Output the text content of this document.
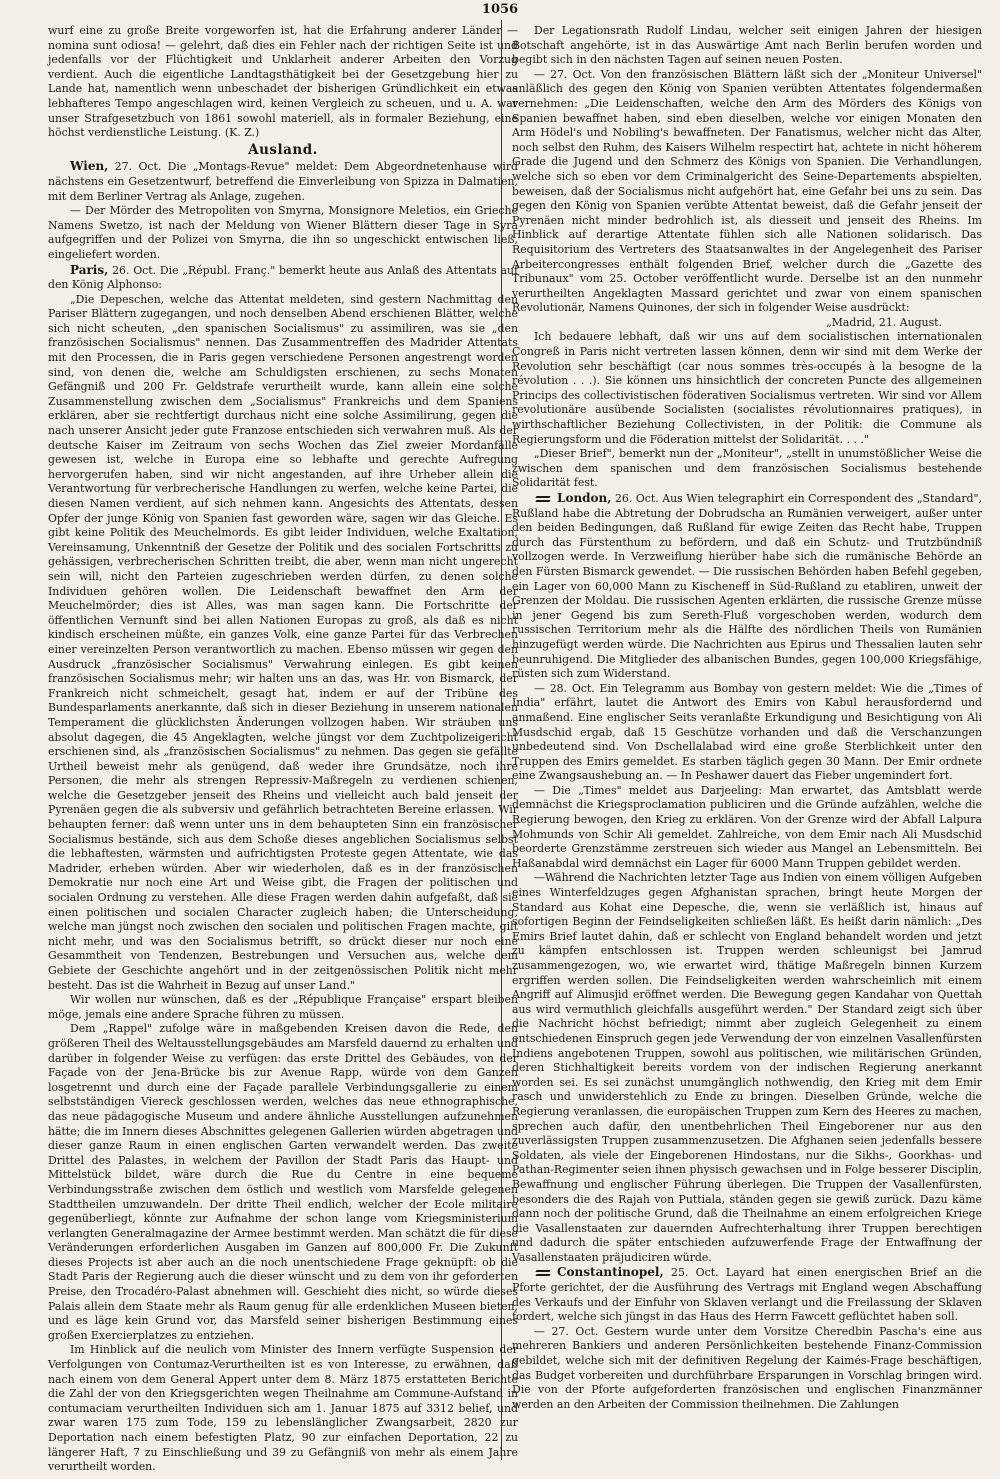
1056

wurf eine zu große Breite vorgeworfen ist, hat die Erfahrung anderer Länder — nomina sunt odiosa! — gelehrt, daß dies ein Fehler nach der richtigen Seite ist und jedenfalls vor der Flüchtigkeit und Unklarheit anderer Arbeiten den Vorzug verdient. Auch die eigentliche Landtagsthätigkeit bei der Gesetzgebung hier zu Lande hat, namentlich wenn unbeschadet der bisherigen Gründlichkeit ein etwas lebhafteres Tempo angeschlagen wird, keinen Vergleich zu scheuen, und u. A. war unser Strafgesetzbuch von 1861 sowohl materiell, als in formaler Beziehung, eine höchst verdienstliche Leistung. (K. Z.)

Ausland.

Wien, 27. Oct. Die „Montags-Revue" meldet: Dem Abgeordnetenhause wird nächstens ein Gesetzentwurf, betreffend die Einverleibung von Spizza in Dalmatien, mit dem Berliner Vertrag als Anlage, zugehen.

— Der Mörder des Metropoliten von Smyrna, Monsignore Meletios, ein Grieche Namens Swetzo, ist nach der Meldung von Wiener Blättern dieser Tage in Syra aufgegriffen und der Polizei von Smyrna, die ihn so ungeschickt entwischen ließ, eingeliefert worden.

Paris, 26. Oct. Die „Républ. Franç." bemerkt heute aus Anlaß des Attentats auf den König Alphonso:

„Die Depeschen, welche das Attentat meldeten, sind gestern Nachmittag den Pariser Blättern zugegangen, und noch denselben Abend erschienen Blätter, welche sich nicht scheuten, „den spanischen Socialismus" zu assimiliren, was sie „den französischen Socialismus" nennen. Das Zusammentreffen des Madrider Attentats mit den Processen, die in Paris gegen verschiedene Personen angestrengt worden sind, von denen die, welche am Schuldigsten erschienen, zu sechs Monaten Gefängniß und 200 Fr. Geldstrafe verurtheilt wurde, kann allein eine solche Zusammenstellung zwischen dem „Socialismus" Frankreichs und dem Spaniens erklären, aber sie rechtfertigt durchaus nicht eine solche Assimilirung, gegen die nach unserer Ansicht jeder gute Franzose entschieden sich verwahren muß. Als der deutsche Kaiser im Zeitraum von sechs Wochen das Ziel zweier Mordanfälle gewesen ist, welche in Europa eine so lebhafte und gerechte Aufregung hervorgerufen haben, sind wir nicht angestanden, auf ihre Urheber allein die Verantwortung für verbrecherische Handlungen zu werfen, welche keine Partei, die diesen Namen verdient, auf sich nehmen kann. Angesichts des Attentats, dessen Opfer der junge König von Spanien fast geworden wäre, sagen wir das Gleiche. Es gibt keine Politik des Meuchelmords. Es gibt leider Individuen, welche Exaltation, Vereinsamung, Unkenntniß der Gesetze der Politik und des socialen Fortschritts zu gehässigen, verbrecherischen Schritten treibt, die aber, wenn man nicht ungerecht sein will, nicht den Parteien zugeschrieben werden dürfen, zu denen solche Individuen gehören wollen. Die Leidenschaft bewaffnet den Arm der Meuchelmörder; dies ist Alles, was man sagen kann. Die Fortschritte der öffentlichen Vernunft sind bei allen Nationen Europas zu groß, als daß es nicht kindisch erscheinen müßte, ein ganzes Volk, eine ganze Partei für das Verbrechen einer vereinzelten Person verantwortlich zu machen. Ebenso müssen wir gegen den Ausdruck „französischer Socialismus" Verwahrung einlegen. Es gibt keinen französischen Socialismus mehr; wir halten uns an das, was Hr. von Bismarck, der Frankreich nicht schmeichelt, gesagt hat, indem er auf der Tribüne des Bundesparlaments anerkannte, daß sich in dieser Beziehung in unserem nationalen Temperament die glücklichsten Änderungen vollzogen haben. Wir sträuben uns absolut dagegen, die 45 Angeklagten, welche jüngst vor dem Zuchtpolizeigericht erschienen sind, als „französischen Socialismus" zu nehmen. Das gegen sie gefällte Urtheil beweist mehr als genügend, daß weder ihre Grundsätze, noch ihre Personen, die mehr als strengen Repressiv-Maßregeln zu verdienen schienen, welche die Gesetzgeber jenseit des Rheins und vielleicht auch bald jenseit der Pyrenäen gegen die als subversiv und gefährlich betrachteten Bereine erlassen. Wir behaupten ferner: daß wenn unter uns in dem behaupteten Sinn ein französischer Socialismus bestände, sich aus dem Schoße dieses angeblichen Socialismus selbst die lebhaftesten, wärmsten und aufrichtigsten Proteste gegen Attentate, wie das Madrider, erheben würden. Aber wir wiederholen, daß es in der französischen Demokratie nur noch eine Art und Weise gibt, die Fragen der politischen und socialen Ordnung zu verstehen. Alle diese Fragen werden dahin aufgefaßt, daß sie einen politischen und socialen Character zugleich haben; die Unterscheidung, welche man jüngst noch zwischen den socialen und politischen Fragen machte, gilt nicht mehr, und was den Socialismus betrifft, so drückt dieser nur noch eine Gesammtheit von Tendenzen, Bestrebungen und Versuchen aus, welche dem Gebiete der Geschichte angehört und in der zeitgenössischen Politik nicht mehr besteht. Das ist die Wahrheit in Bezug auf unser Land."

Wir wollen nur wünschen, daß es der „République Française" erspart bleiben möge, jemals eine andere Sprache führen zu müssen.

Dem „Rappel" zufolge wäre in maßgebenden Kreisen davon die Rede, den größeren Theil des Weltausstellungsgebäudes am Marsfeld dauernd zu erhalten und darüber in folgender Weise zu verfügen: das erste Drittel des Gebäudes, von der Façade von der Jena-Brücke bis zur Avenue Rapp, würde von dem Ganzen losgetrennt und durch eine der Façade parallele Verbindungsgallerie zu einem selbstständigen Viereck geschlossen werden, welches das neue ethnographische, das neue pädagogische Museum und andere ähnliche Ausstellungen aufzunehmen hätte; die im Innern dieses Abschnittes gelegenen Gallerien würden abgetragen und dieser ganze Raum in einen englischen Garten verwandelt werden. Das zweite Drittel des Palastes, in welchem der Pavillon der Stadt Paris das Haupt- und Mittelstück bildet, wäre durch die Rue du Centre in eine bequeme Verbindungsstraße zwischen dem östlich und westlich vom Marsfelde gelegenen Stadttheilen umzuwandeln. Der dritte Theil endlich, welcher der Ecole militaire gegenüberliegt, könnte zur Aufnahme der schon lange vom Kriegsministerium verlangten Generalmagazine der Armee bestimmt werden. Man schätzt die für diese Veränderungen erforderlichen Ausgaben im Ganzen auf 800,000 Fr. Die Zukunft dieses Projects ist aber auch an die noch unentschiedene Frage geknüpft: ob die Stadt Paris der Regierung auch die dieser wünscht und zu dem von ihr geforderten Preise, den Trocadéro-Palast abnehmen will. Geschieht dies nicht, so würde dieses Palais allein dem Staate mehr als Raum genug für alle erdenklichen Museen bieten, und es läge kein Grund vor, das Marsfeld seiner bisherigen Bestimmung eines großen Exercierplatzes zu entziehen.

Im Hinblick auf die neulich vom Minister des Innern verfügte Suspension der Verfolgungen von Contumaz-Verurtheilten ist es von Interesse, zu erwähnen, daß nach einem von dem General Appert unter dem 8. März 1875 erstatteten Berichte die Zahl der von den Kriegsgerichten wegen Theilnahme am Commune-Aufstand in contumaciam verurtheilten Individuen sich am 1. Januar 1875 auf 3312 belief, und zwar waren 175 zum Tode, 159 zu lebenslänglicher Zwangsarbeit, 2820 zur Deportation nach einem befestigten Platz, 90 zur einfachen Deportation, 22 zu längerer Haft, 7 zu Einschließung und 39 zu Gefängniß von mehr als einem Jahre verurtheilt worden.

Der Legationsrath Rudolf Lindau, welcher seit einigen Jahren der hiesigen Botschaft angehörte, ist in das Auswärtige Amt nach Berlin berufen worden und begibt sich in den nächsten Tagen auf seinen neuen Posten.

— 27. Oct. Von den französischen Blättern läßt sich der „Moniteur Universel" anläßlich des gegen den König von Spanien verübten Attentates folgendermaßen vernehmen: „Die Leidenschaften, welche den Arm des Mörders des Königs von Spanien bewaffnet haben, sind eben dieselben, welche vor einigen Monaten den Arm Hödel's und Nobiling's bewaffneten. Der Fanatismus, welcher nicht das Alter, noch selbst den Ruhm, des Kaisers Wilhelm respectirt hat, achtete in nicht höherem Grade die Jugend und den Schmerz des Königs von Spanien. Die Verhandlungen, welche sich so eben vor dem Criminalgericht des Seine-Departements abspielten, beweisen, daß der Socialismus nicht aufgehört hat, eine Gefahr bei uns zu sein. Das gegen den König von Spanien verübte Attentat beweist, daß die Gefahr jenseit der Pyrenäen nicht minder bedrohlich ist, als diesseit und jenseit des Rheins. Im Hinblick auf derartige Attentate fühlen sich alle Nationen solidarisch. Das Requisitorium des Vertreters des Staatsanwaltes in der Angelegenheit des Pariser Arbeitercongresses enthält folgenden Brief, welcher durch die „Gazette des Tribunaux" vom 25. October veröffentlicht wurde. Derselbe ist an den nunmehr verurtheilten Angeklagten Massard gerichtet und zwar von einem spanischen Revolutionär, Namens Quinones, der sich in folgender Weise ausdrückt:

„Madrid, 21. August.

Ich bedauere lebhaft, daß wir uns auf dem socialistischen internationalen Congreß in Paris nicht vertreten lassen können, denn wir sind mit dem Werke der Revolution sehr beschäftigt (car nous sommes très-occupés à la besogne de la révolution . . .). Sie können uns hinsichtlich der concreten Puncte des allgemeinen Princips des collectivistischen föderativen Socialismus vertreten. Wir sind vor Allem revolutionäre ausübende Socialisten (socialistes révolutionnaires pratiques), in wirthschaftlicher Beziehung Collectivisten, in der Politik: die Commune als Regierungsform und die Föderation mittelst der Solidarität. . . ."

„Dieser Brief", bemerkt nun der „Moniteur", „stellt in unumstößlicher Weise die zwischen dem spanischen und dem französischen Socialismus bestehende Solidarität fest.

London, 26. Oct. Aus Wien telegraphirt ein Correspondent des „Standard", Rußland habe die Abtretung der Dobrudscha an Rumänien verweigert, außer unter den beiden Bedingungen, daß Rußland für ewige Zeiten das Recht habe, Truppen durch das Fürstenthum zu befördern, und daß ein Schutz- und Trutzbündniß vollzogen werde. In Verzweiflung hierüber habe sich die rumänische Behörde an den Fürsten Bismarck gewendet. — Die russischen Behörden haben Befehl gegeben, ein Lager von 60,000 Mann zu Kischeneff in Süd-Rußland zu etabliren, unweit der Grenzen der Moldau. Die russischen Agenten erklärten, die russische Grenze müsse in jener Gegend bis zum Sereth-Fluß vorgeschoben werden, wodurch dem russischen Territorium mehr als die Hälfte des nördlichen Theils von Rumänien hinzugefügt werden würde. Die Nachrichten aus Epirus und Thessalien lauten sehr beunruhigend. Die Mitglieder des albanischen Bundes, gegen 100,000 Kriegsfähige, rüsten sich zum Widerstand.

— 28. Oct. Ein Telegramm aus Bombay von gestern meldet: Wie die „Times of India" erfährt, lautet die Antwort des Emirs von Kabul herausfordernd und anmaßend. Eine englischer Seits veranlaßte Erkundigung und Besichtigung von Ali Musdschid ergab, daß 15 Geschütze vorhanden und daß die Verschanzungen unbedeutend sind. Von Dschellalabad wird eine große Sterblichkeit unter den Truppen des Emirs gemeldet. Es starben täglich gegen 30 Mann. Der Emir ordnete eine Zwangsaushebung an. — In Peshawer dauert das Fieber ungemindert fort.

— Die „Times" meldet aus Darjeeling: Man erwartet, das Amtsblatt werde demnächst die Kriegsproclamation publiciren und die Gründe aufzählen, welche die Regierung bewogen, den Krieg zu erklären. Von der Grenze wird der Abfall Lalpura Mohmunds von Schir Ali gemeldet. Zahlreiche, von dem Emir nach Ali Musdschid beorderte Grenzstämme zerstreuen sich wieder aus Mangel an Lebensmitteln. Bei Haßanabdal wird demnächst ein Lager für 6000 Mann Truppen gebildet werden.

—Während die Nachrichten letzter Tage aus Indien von einem völligen Aufgeben eines Winterfeldzuges gegen Afghanistan sprachen, bringt heute Morgen der Standard aus Kohat eine Depesche, die, wenn sie verläßlich ist, hinaus auf sofortigen Beginn der Feindseligkeiten schließen läßt. Es heißt darin nämlich: „Des Emirs Brief lautet dahin, daß er schlecht von England behandelt worden und jetzt zu kämpfen entschlossen ist. Truppen werden schleunigst bei Jamrud zusammengezogen, wo, wie erwartet wird, thätige Maßregeln binnen Kurzem ergriffen werden sollen. Die Feindseligkeiten werden wahrscheinlich mit einem Angriff auf Alimusjid eröffnet werden. Die Bewegung gegen Kandahar von Quettah aus wird vermuthlich gleichfalls ausgeführt werden." Der Standard zeigt sich über die Nachricht höchst befriedigt; nimmt aber zugleich Gelegenheit zu einem entschiedenen Einspruch gegen jede Verwendung der von einzelnen Vasallenfürsten Indiens angebotenen Truppen, sowohl aus politischen, wie militärischen Gründen, deren Stichhaltigkeit bereits vordem von der indischen Regierung anerkannt worden sei. Es sei zunächst unumgänglich nothwendig, den Krieg mit dem Emir rasch und unwiderstehlich zu Ende zu bringen. Dieselben Gründe, welche die Regierung veranlassen, die europäischen Truppen zum Kern des Heeres zu machen, sprechen auch dafür, den unentbehrlichen Theil Eingeborener nur aus den zuverlässigsten Truppen zusammenzusetzen. Die Afghanen seien jedenfalls bessere Soldaten, als viele der Eingeborenen Hindostans, nur die Sikhs-, Goorkhas- und Pathan-Regimenter seien ihnen physisch gewachsen und in Folge besserer Disciplin, Bewaffnung und englischer Führung überlegen. Die Truppen der Vasallenfürsten, besonders die des Rajah von Puttiala, ständen gegen sie gewiß zurück. Dazu käme dann noch der politische Grund, daß die Theilnahme an einem erfolgreichen Kriege die Vasallenstaaten zur dauernden Aufrechterhaltung ihrer Truppen berechtigen und dadurch die später entschieden aufzuwerfende Frage der Entwaffnung der Vasallenstaaten präjudiciren würde.

Constantinopel, 25. Oct. Layard hat einen energischen Brief an die Pforte gerichtet, der die Ausführung des Vertrags mit England wegen Abschaffung des Verkaufs und der Einfuhr von Sklaven verlangt und die Freilassung der Sklaven fordert, welche sich jüngst in das Haus des Herrn Fawcett geflüchtet haben soll.

— 27. Oct. Gestern wurde unter dem Vorsitze Cheredbin Pascha's eine aus mehreren Bankiers und anderen Persönlichkeiten bestehende Finanz-Commission gebildet, welche sich mit der definitiven Regelung der Kaimés-Frage beschäftigen, das Budget vorbereiten und durchführbare Ersparungen in Vorschlag bringen wird. Die von der Pforte aufgeforderten französischen und englischen Finanzmänner werden an den Arbeiten der Commission theilnehmen. Die Zahlungen
